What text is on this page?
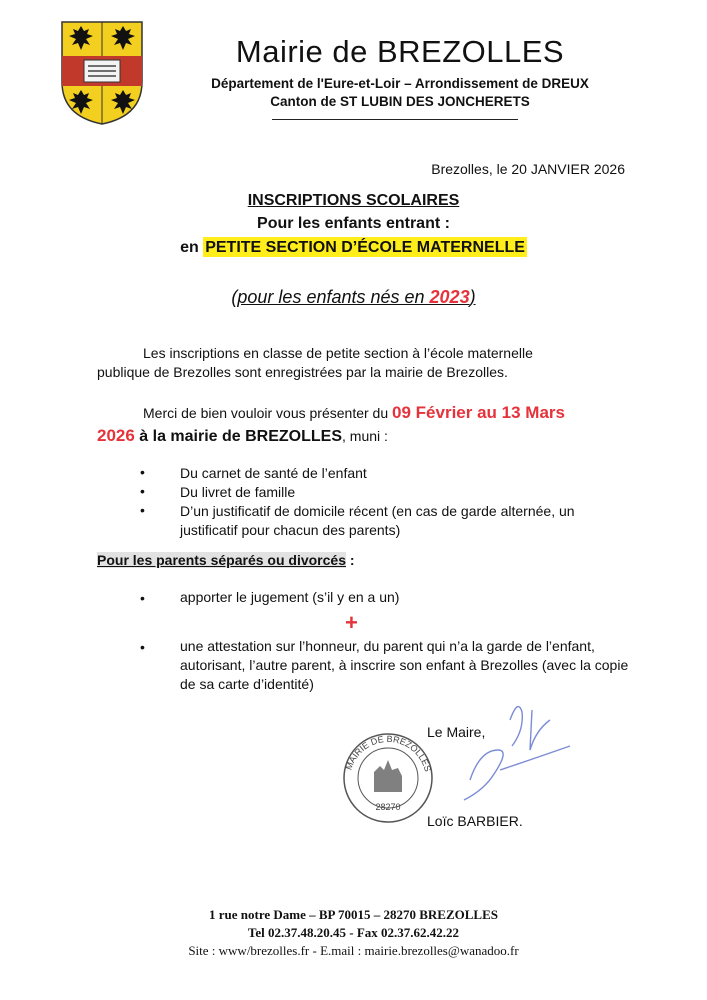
Mairie de BREZOLLES
Département de l'Eure-et-Loir – Arrondissement de DREUX
Canton de ST LUBIN DES JONCHERETS
Brezolles, le 20 JANVIER 2026
INSCRIPTIONS SCOLAIRES
Pour les enfants entrant :
en PETITE SECTION D’ÉCOLE MATERNELLE
(pour les enfants nés en 2023)
Les inscriptions en classe de petite section à l’école maternelle publique de Brezolles sont enregistrées par la mairie de Brezolles.
Merci de bien vouloir vous présenter du 09 Février au 13 Mars
2026 à la mairie de BREZOLLES, muni :
•	Du carnet de santé de l’enfant
•	Du livret de famille
•	D’un justificatif de domicile récent (en cas de garde alternée, un justificatif pour chacun des parents)
Pour les parents séparés ou divorcés :
•	apporter le jugement (s’il y en a un)
+
•	une attestation sur l’honneur, du parent qui n’a la garde de l’enfant, autorisant, l’autre parent, à inscrire son enfant à Brezolles (avec la copie de sa carte d’identité)
Le Maire,
MAIRIE DE BREZOLLES
28270
Loïc BARBIER.
1 rue notre Dame – BP 70015 – 28270 BREZOLLES
Tel 02.37.48.20.45 - Fax 02.37.62.42.22
Site : www/brezolles.fr - E.mail : mairie.brezolles@wanadoo.fr
